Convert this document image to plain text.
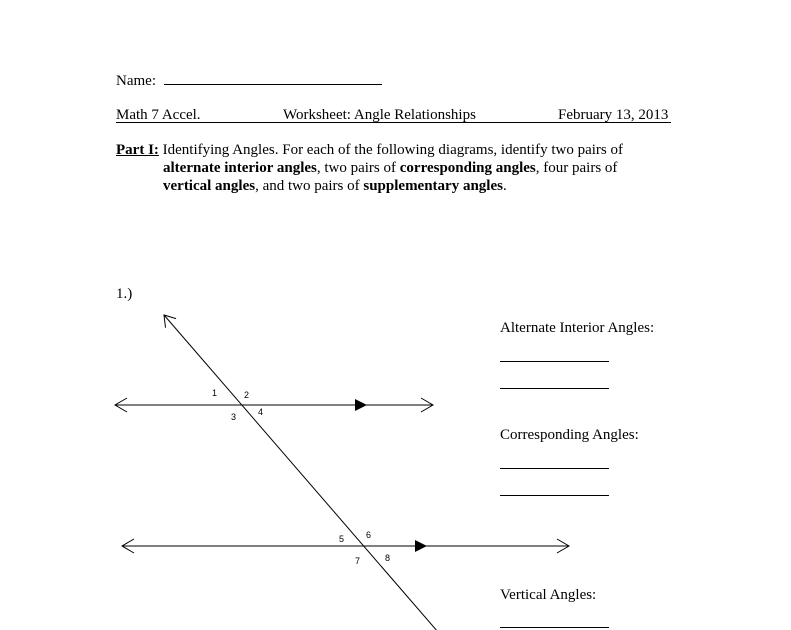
Name:
Math 7 Accel.	Worksheet: Angle Relationships	February 13, 2013
Part I: Identifying Angles. For each of the following diagrams, identify two pairs of
alternate interior angles, two pairs of corresponding angles, four pairs of
vertical angles, and two pairs of supplementary angles.
1.)
1	2
3 4
5 6
7	8
Alternate Interior Angles:
Corresponding Angles:
Vertical Angles:
